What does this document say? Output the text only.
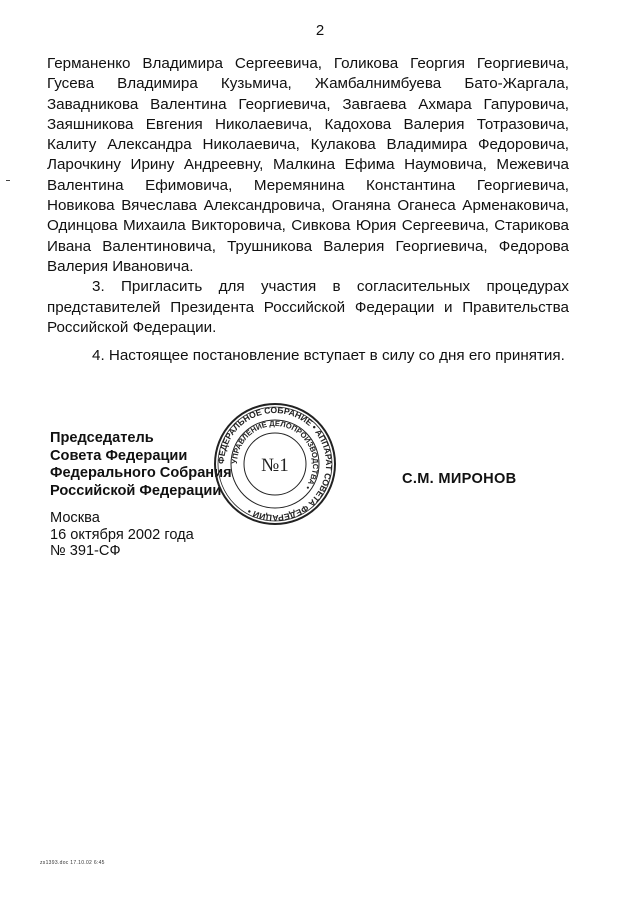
2

Германенко Владимира Сергеевича, Голикова Георгия Георгиевича, Гусева Владимира Кузьмича, Жамбалнимбуева Бато-Жаргала, Завадникова Валентина Георгиевича, Завгаева Ахмара Гапуровича, Заяшникова Евгения Николаевича, Кадохова Валерия Тотразовича, Калиту Александра Николаевича, Кулакова Владимира Федоровича, Ларочкину Ирину Андреевну, Малкина Ефима Наумовича, Межевича Валентина Ефимовича, Меремянина Константина Георгиевича, Новикова Вячеслава Александровича, Оганяна Оганеса Арменаковича, Одинцова Михаила Викторовича, Сивкова Юрия Сергеевича, Старикова Ивана Валентиновича, Трушникова Валерия Георгиевича, Федорова Валерия Ивановича.

3. Пригласить для участия в согласительных процедурах представителей Президента Российской Федерации и Правительства Российской Федерации.

4. Настоящее постановление вступает в силу со дня его принятия.

Председатель
Совета Федерации
Федерального Собрания
Российской Федерации
ФЕДЕРАЛЬНОЕ СОБРАНИЕ • АППАРАТ СОВЕТА ФЕДЕРАЦИИ •
УПРАВЛЕНИЕ ДЕЛОПРОИЗВОДСТВА •
№1
С.М. МИРОНОВ
Москва
16 октября 2002 года
№ 391-СФ
zs1393.doc 17.10.02 6:45
